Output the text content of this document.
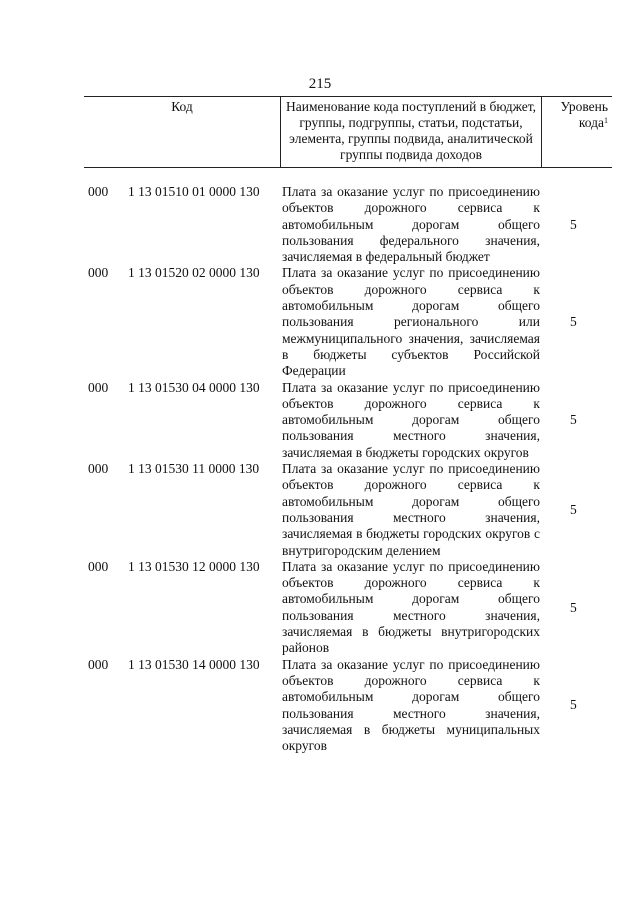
215
Код	Наименование кода поступлений в бюджет, группы, подгруппы, статьи, подстатьи, элемента, группы подвида, аналитической группы подвида доходов
Уровень кода$^1$
000 1 13 01510 01 0000 130 Плата за оказание услуг по присоединению объектов дорожного сервиса к автомобильным дорогам общего пользования федерального значения, зачисляемая в федеральный бюджет
5
000 1 13 01520 02 0000 130 Плата за оказание услуг по присоединению объектов дорожного сервиса к автомобильным дорогам общего пользования регионального или межмуниципального значения, зачисляемая в бюджеты субъектов Российской Федерации
5
000 1 13 01530 04 0000 130 Плата за оказание услуг по присоединению объектов дорожного сервиса к автомобильным дорогам общего пользования местного значения, зачисляемая в бюджеты городских округов
5
000 1 13 01530 11 0000 130 Плата за оказание услуг по присоединению объектов дорожного сервиса к автомобильным дорогам общего пользования местного значения, зачисляемая в бюджеты городских округов с внутригородским делением
5
000 1 13 01530 12 0000 130 Плата за оказание услуг по присоединению объектов дорожного сервиса к автомобильным дорогам общего пользования местного значения, зачисляемая в бюджеты внутригородских районов
5
000 1 13 01530 14 0000 130 Плата за оказание услуг по присоединению объектов дорожного сервиса к автомобильным дорогам общего пользования местного значения, зачисляемая в бюджеты муниципальных округов
5
